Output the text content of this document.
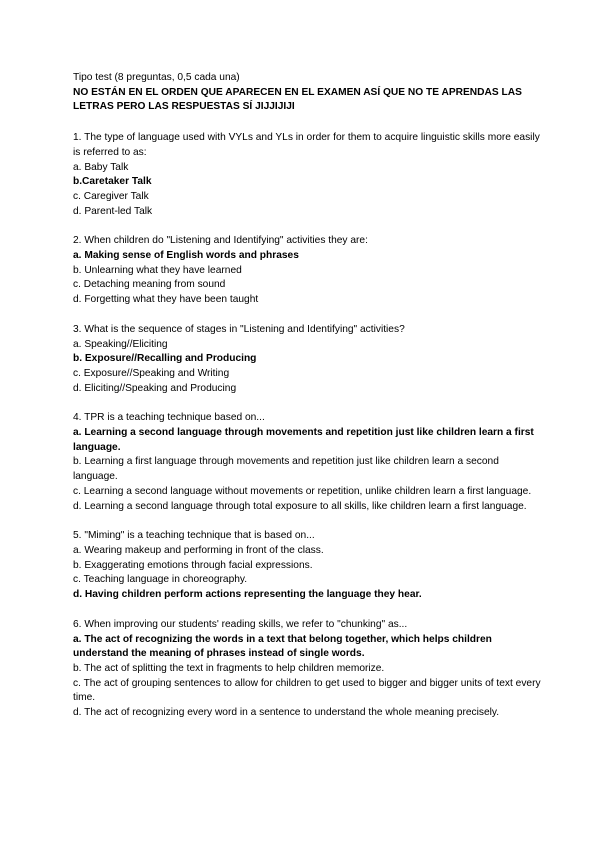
Tipo test (8 preguntas, 0,5 cada una)
NO ESTÁN EN EL ORDEN QUE APARECEN EN EL EXAMEN ASÍ QUE NO TE APRENDAS LAS LETRAS PERO LAS RESPUESTAS SÍ JIJJIJIJI
1. The type of language used with VYLs and YLs in order for them to acquire linguistic skills more easily is referred to as:
a. Baby Talk
b.Caretaker Talk
c. Caregiver Talk
d. Parent-led Talk
2. When children do "Listening and Identifying" activities they are:
a. Making sense of English words and phrases
b. Unlearning what they have learned
c. Detaching meaning from sound
d. Forgetting what they have been taught
3. What is the sequence of stages in "Listening and Identifying" activities?
a. Speaking//Eliciting
b. Exposure//Recalling and Producing
c. Exposure//Speaking and Writing
d. Eliciting//Speaking and Producing
4. TPR is a teaching technique based on...
a. Learning a second language through movements and repetition just like children learn a first language.
b. Learning a first language through movements and repetition just like children learn a second language.
c. Learning a second language without movements or repetition, unlike children learn a first language.
d. Learning a second language through total exposure to all skills, like children learn a first language.
5. "Miming" is a teaching technique that is based on...
a. Wearing makeup and performing in front of the class.
b. Exaggerating emotions through facial expressions.
c. Teaching language in choreography.
d. Having children perform actions representing the language they hear.
6. When improving our students' reading skills, we refer to "chunking" as...
a. The act of recognizing the words in a text that belong together, which helps children understand the meaning of phrases instead of single words.
b. The act of splitting the text in fragments to help children memorize.
c. The act of grouping sentences to allow for children to get used to bigger and bigger units of text every time.
d. The act of recognizing every word in a sentence to understand the whole meaning precisely.
